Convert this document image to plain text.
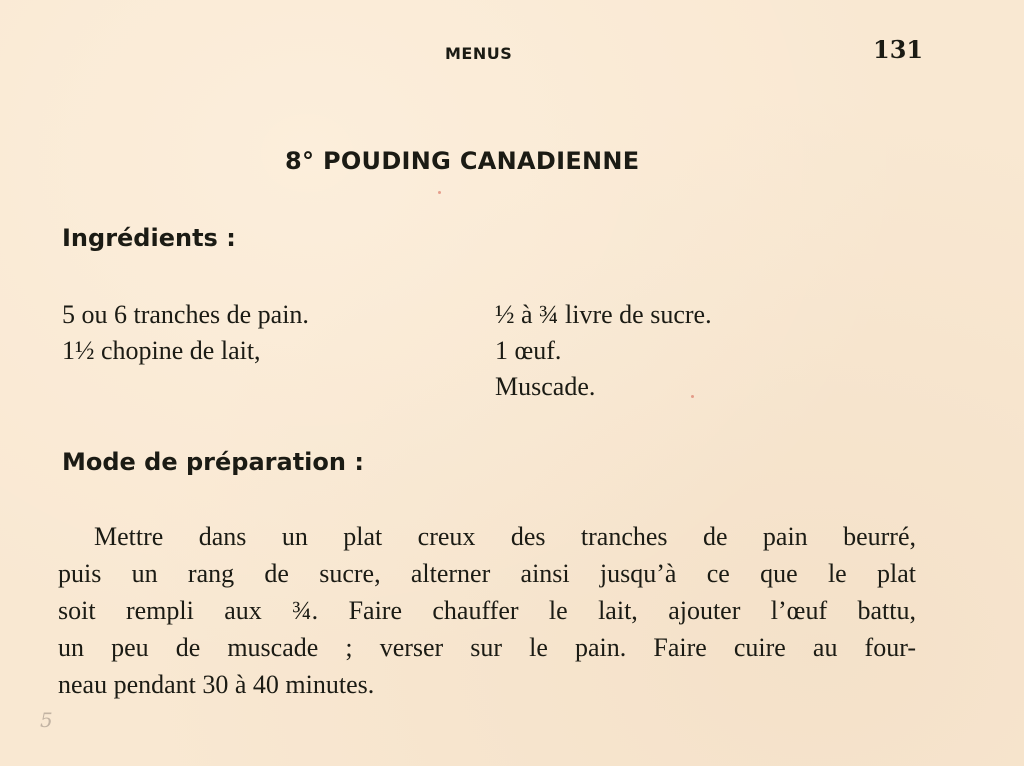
MENUS	131
8° POUDING CANADIENNE
Ingrédients :
5 ou 6 tranches de pain.
1½ chopine de lait,
½ à ¾ livre de sucre.
1 œuf.
Muscade.
Mode de préparation :
Mettre dans un plat creux des tranches de pain beurré,
puis un rang de sucre, alterner ainsi jusqu’à ce que le plat
soit rempli aux ¾. Faire chauffer le lait, ajouter l’œuf battu,
un peu de muscade ; verser sur le pain. Faire cuire au four-
neau pendant 30 à 40 minutes.
5
